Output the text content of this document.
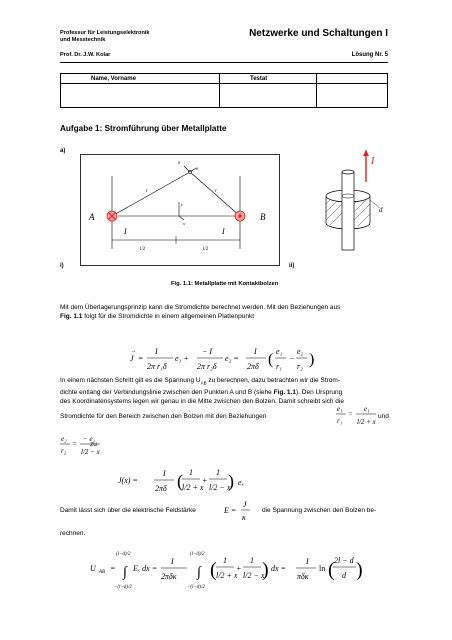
Professur für Leistungselektronik
und Messtechnik
Netzwerke und Schaltungen I
Prof. Dr. J.W. Kolar	Lösung Nr. 5
Name, Vorname	Testat	

Aufgabe 1: Stromführung über Metallplatte
a)
A	B
I	I
r	r
e
e
y
x
l/2	l/2
I
d
i)	ii)
Fig. 1.1: Metallplatte mit Kontaktbolzen
Mit dem Überlagerungsprinzip kann die Stromdichte berechnet werden. Mit den Beziehungen aus
Fig. 1.1 folgt für die Stromdichte in einem allgemeinen Plattenpunkt
J
→
=
I
2π r₁δ
e₁ +
− I
2π r₂δ
e₂ =
I
2πδ ( e₁
r₁
−
e₂
r₂ )
In einem nächsten Schritt gilt es die Spannung $U_{AB}$ zu berechnen, dazu betrachten wir die Strom-
dichte entlang der Verbindungslinie zwischen den Punkten A und B (siehe Fig. 1.1). Den Ursprung
des Koordinatensystems legen wir genau in die Mitte zwischen den Bolzen. Damit schreibt sich die
Stromdichte für den Bereich zwischen den Bolzen mit den Beziehungen
e₁
r₁
=
e₁
l/2 + x
und
e₂
r₂
=
− e₁
l/2 − x
zu
J(x) =
I
2πδ ( 1
l/2 + x
+
1
l/2 − x
) eₓ
Damit lässt sich über die elektrische Feldstärke	E =
J
κ
die Spannung zwischen den Bolzen be-
rechnen.
U AB =
(l−d)/2
∫
−(l−d)/2
Eₓ dx =
I
2πδκ
(l−d)/2
∫
−(l−d)/2
( 1
l/2 + x
+
1
l/2 − x
) dx =
I
πδκ
ln ( 2l − d
d )
